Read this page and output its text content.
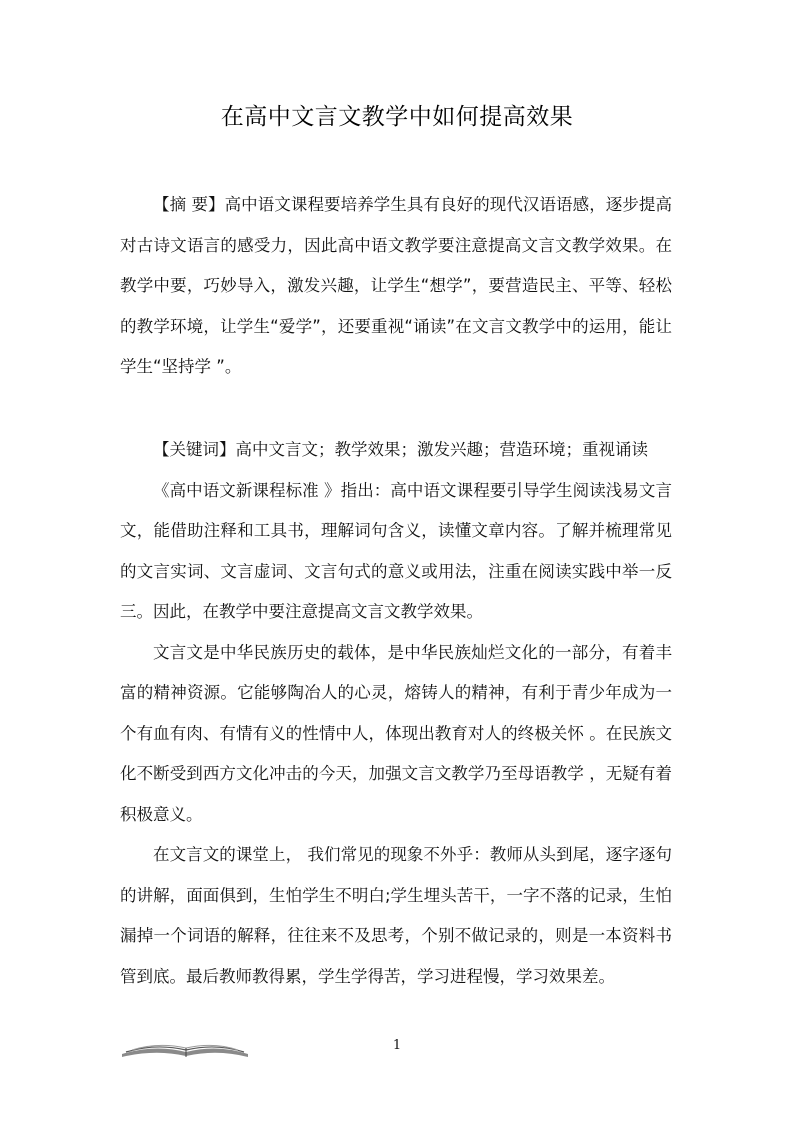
在高中文言文教学中如何提高效果

【摘 要】高中语文课程要培养学生具有良好的现代汉语语感，逐步提高对古诗文语言的感受力，因此高中语文教学要注意提高文言文教学效果。在教学中要，巧妙导入，激发兴趣，让学生“想学”，要营造民主、平等、轻松的教学环境，让学生“爱学”，还要重视“诵读”在文言文教学中的运用，能让学生“坚持学 ”。

【关键词】高中文言文；教学效果；激发兴趣；营造环境；重视诵读

《高中语文新课程标准 》指出：高中语文课程要引导学生阅读浅易文言文，能借助注释和工具书，理解词句含义，读懂文章内容。了解并梳理常见的文言实词、文言虚词、文言句式的意义或用法，注重在阅读实践中举一反三。因此，在教学中要注意提高文言文教学效果。

文言文是中华民族历史的载体，是中华民族灿烂文化的一部分，有着丰富的精神资源。它能够陶冶人的心灵，熔铸人的精神，有利于青少年成为一个有血有肉、有情有义的性情中人，体现出教育对人的终极关怀 。在民族文化不断受到西方文化冲击的今天，加强文言文教学乃至母语教学 ，无疑有着积极意义。

在文言文的课堂上， 我们常见的现象不外乎：教师从头到尾，逐字逐句的讲解，面面俱到，生怕学生不明白;学生埋头苦干，一字不落的记录，生怕漏掉一个词语的解释，往往来不及思考，个别不做记录的，则是一本资料书管到底。最后教师教得累，学生学得苦，学习进程慢，学习效果差。

1
